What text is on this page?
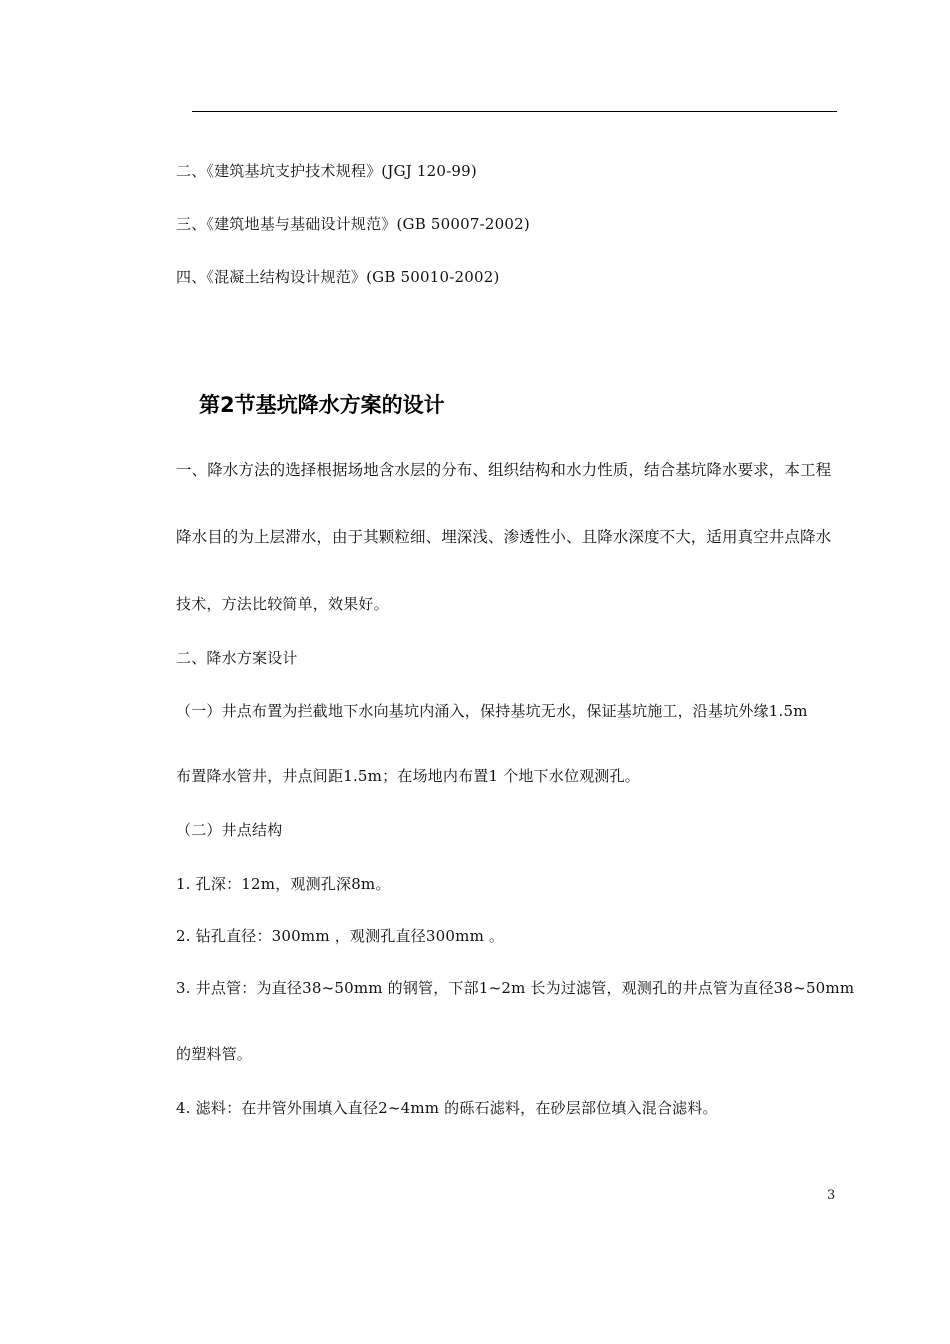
二、《建筑基坑支护技术规程》(JGJ 120-99)
三、《建筑地基与基础设计规范》(GB 50007-2002)
四、《混凝土结构设计规范》(GB 50010-2002)
第2节基坑降水方案的设计
一、降水方法的选择根据场地含水层的分布、组织结构和水力性质，结合基坑降水要求，本工程
降水目的为上层滞水，由于其颗粒细、埋深浅、渗透性小、且降水深度不大，适用真空井点降水
技术，方法比较简单，效果好。
二、降水方案设计
（一）井点布置为拦截地下水向基坑内涌入，保持基坑无水，保证基坑施工，沿基坑外缘1.5m
布置降水管井，井点间距1.5m；在场地内布置1 个地下水位观测孔。
（二）井点结构
1. 孔深：12m，观测孔深8m。
2. 钻孔直径：300mm ，观测孔直径300mm 。
3. 井点管：为直径38~50mm 的钢管，下部1~2m 长为过滤管，观测孔的井点管为直径38~50mm
的塑料管。
4. 滤料：在井管外围填入直径2~4mm 的砾石滤料，在砂层部位填入混合滤料。
3
